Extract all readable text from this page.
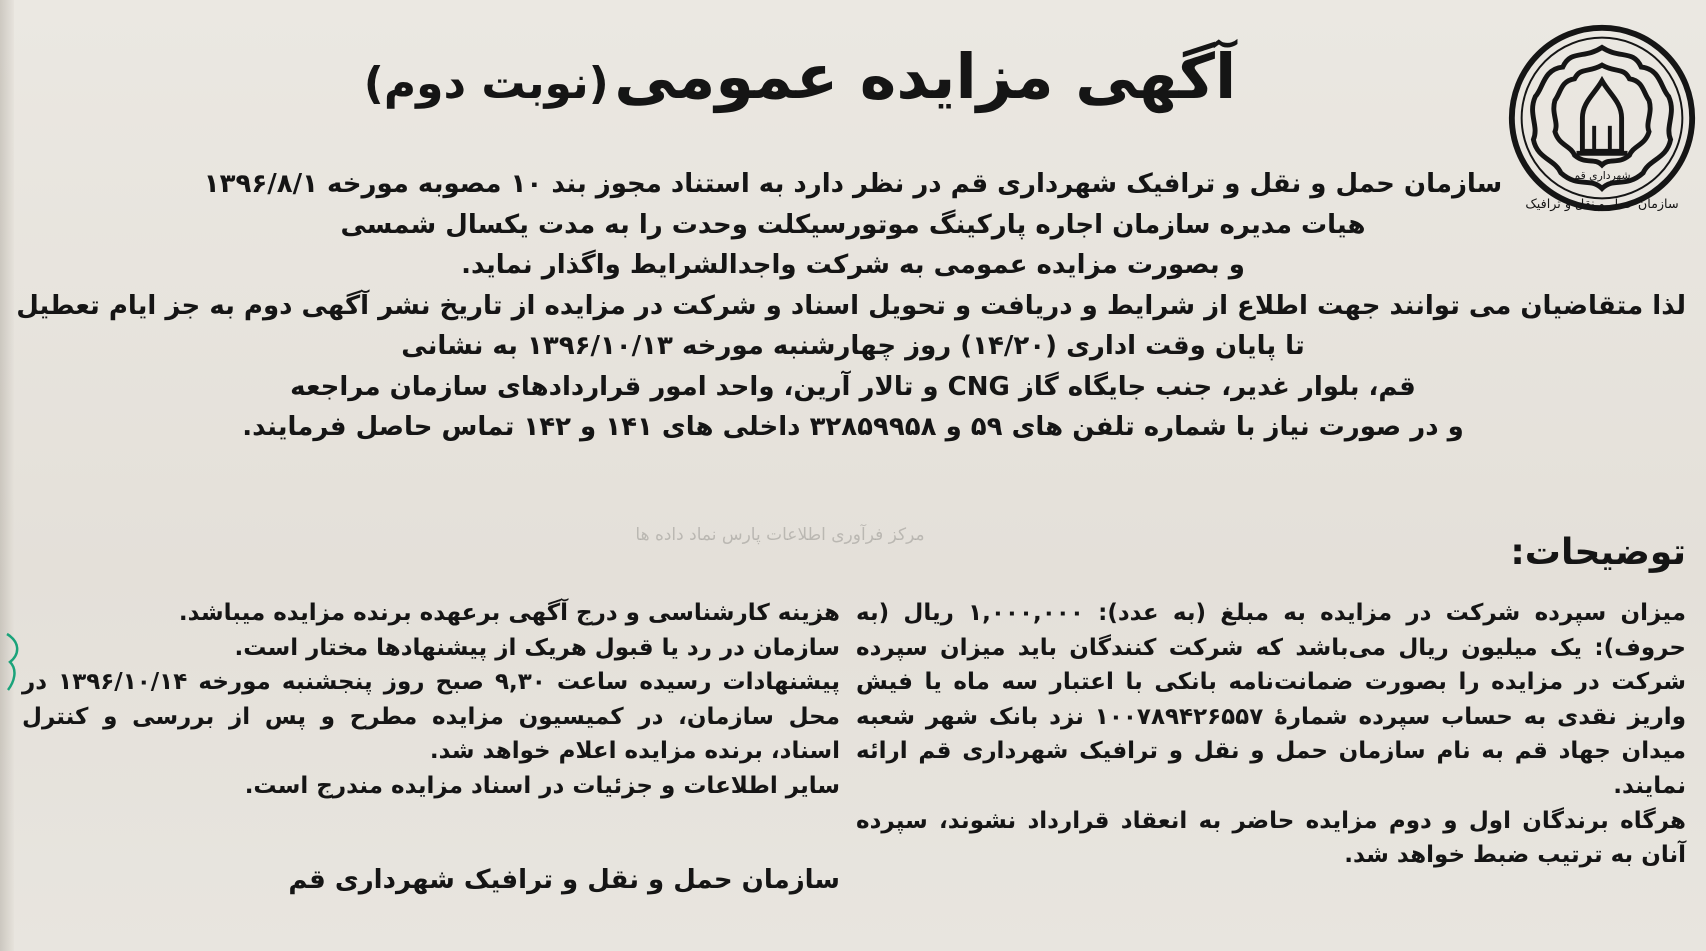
شهرداری قم
سازمان حمل و نقل و ترافیک
آگهی مزایده عمومی (نوبت دوم)
سازمان حمل و نقل و ترافیک شهرداری قم در نظر دارد به استناد مجوز بند ۱۰ مصوبه مورخه ۱۳۹۶/۸/۱
هیات مدیره سازمان اجاره پارکینگ موتورسیکلت وحدت را به مدت یکسال شمسی
و بصورت مزایده عمومی به شرکت واجدالشرایط واگذار نماید.
لذا متقاضیان می توانند جهت اطلاع از شرایط و دریافت و تحویل اسناد و شرکت در مزایده از تاریخ نشر آگهی دوم به جز ایام تعطیل
تا پایان وقت اداری (۱۴/۲۰) روز چهارشنبه مورخه ۱۳۹۶/۱۰/۱۳ به نشانی
قم، بلوار غدیر، جنب جایگاه گاز CNG و تالار آرین، واحد امور قراردادهای سازمان مراجعه
و در صورت نیاز با شماره تلفن های ۵۹ و ۳۲۸۵۹۹۵۸ داخلی های ۱۴۱ و ۱۴۲ تماس حاصل فرمایند.
مرکز فرآوری اطلاعات پارس نماد داده ها	توضیحات:

میزان سپرده شرکت در مزایده به مبلغ (به عدد): ۱,۰۰۰,۰۰۰ ریال (به حروف): یک میلیون ریال می‌باشد که شرکت کنندگان باید میزان سپرده شرکت در مزایده را بصورت ضمانت‌نامه بانکی با اعتبار سه ماه یا فیش واریز نقدی به حساب سپرده شمارهٔ ۱۰۰۷۸۹۴۲۶۵۵۷ نزد بانک شهر شعبه میدان جهاد قم به نام سازمان حمل و نقل و ترافیک شهرداری قم ارائه نمایند.

هرگاه برندگان اول و دوم مزایده حاضر به انعقاد قرارداد نشوند، سپرده آنان به ترتیب ضبط خواهد شد.

هزینه کارشناسی و درج آگهی برعهده برنده مزایده میباشد.

سازمان در رد یا قبول هریک از پیشنهادها مختار است.

پیشنهادات رسیده ساعت ۹,۳۰ صبح روز پنجشنبه مورخه ۱۳۹۶/۱۰/۱۴ در محل سازمان، در کمیسیون مزایده مطرح و پس از بررسی و کنترل اسناد، برنده مزایده اعلام خواهد شد.

سایر اطلاعات و جزئیات در اسناد مزایده مندرج است.

سازمان حمل و نقل و ترافیک شهرداری قم
